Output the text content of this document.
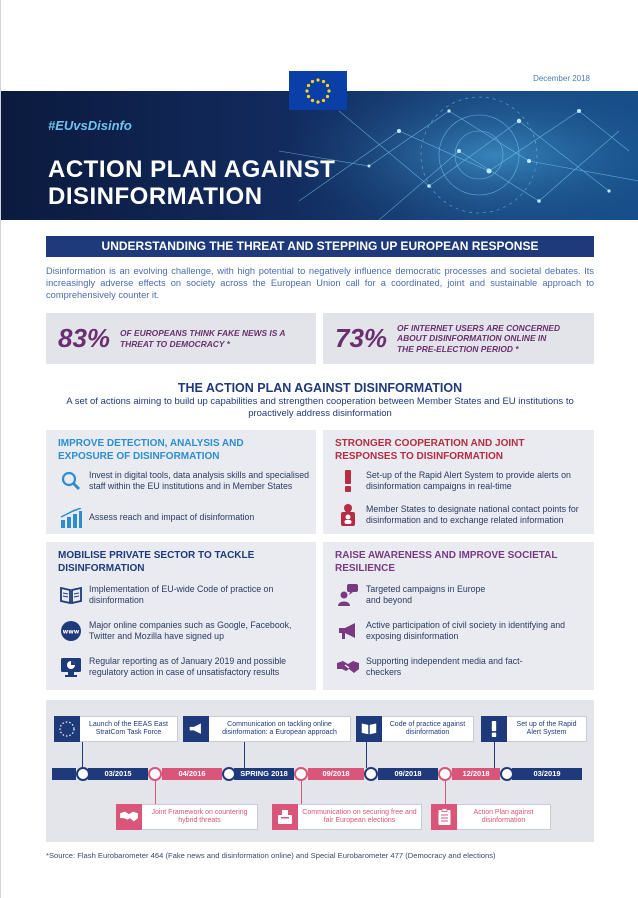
December 2018
#EUvsDisinfo
ACTION PLAN AGAINST
DISINFORMATION
UNDERSTANDING THE THREAT AND STEPPING UP EUROPEAN RESPONSE
Disinformation is an evolving challenge, with high potential to negatively influence democratic processes and societal debates. Its increasingly adverse effects on society across the European Union call for a coordinated, joint and sustainable approach to comprehensively counter it.
83% OF EUROPEANS THINK FAKE NEWS IS A THREAT TO DEMOCRACY *	73% OF INTERNET USERS ARE CONCERNED ABOUT DISINFORMATION ONLINE IN THE PRE-ELECTION PERIOD *
THE ACTION PLAN AGAINST DISINFORMATION
A set of actions aiming to build up capabilities and strengthen cooperation between Member States and EU institutions to proactively address disinformation
IMPROVE DETECTION, ANALYSIS AND EXPOSURE OF DISINFORMATION
Invest in digital tools, data analysis skills and specialised staff within the EU institutions and in Member States
Assess reach and impact of disinformation
STRONGER COOPERATION AND JOINT RESPONSES TO DISINFORMATION
Set-up of the Rapid Alert System to provide alerts on disinformation campaigns in real-time
Member States to designate national contact points for disinformation and to exchange related information
MOBILISE PRIVATE SECTOR TO TACKLE DISINFORMATION
Implementation of EU-wide Code of practice on disinformation
www
Major online companies such as Google, Facebook, Twitter and Mozilla have signed up
Regular reporting as of January 2019 and possible regulatory action in case of unsatisfactory results
RAISE AWARENESS AND IMPROVE SOCIETAL RESILIENCE
Targeted campaigns in Europe and beyond
Active participation of civil society in identifying and exposing disinformation
Supporting independent media and fact-checkers
Launch of the EEAS East StratCom Task Force
Communication on tackling online disinformation: a European approach
Code of practice against disinformation
Set up of the Rapid Alert System
03/2015	04/2016	SPRING 2018	09/2018	09/2018	12/2018	03/2019
Joint Framework on countering hybrid threats
Communication on securing free and fair European elections
Action Plan against disinformation
*Source: Flash Eurobarometer 464 (Fake news and disinformation online) and Special Eurobarometer 477 (Democracy and elections)
